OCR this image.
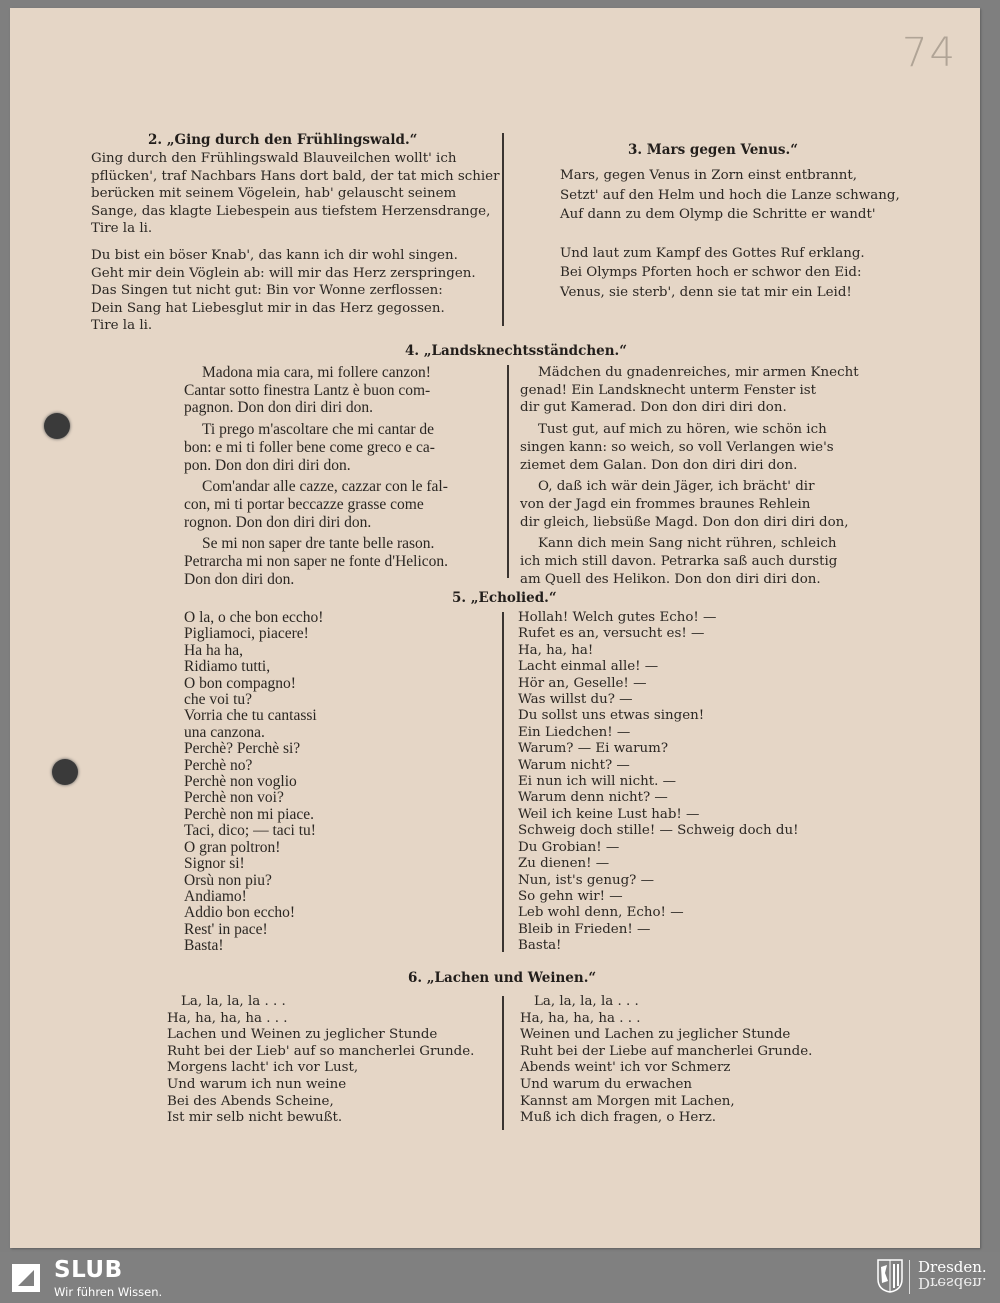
74
2. „Ging durch den Frühlingswald.“
Ging durch den Frühlingswald Blauveilchen wollt' ich
pflücken', traf Nachbars Hans dort bald, der tat mich schier
berücken mit seinem Vögelein, hab' gelauscht seinem
Sange, das klagte Liebespein aus tiefstem Herzensdrange,
Tire la li.
Du bist ein böser Knab', das kann ich dir wohl singen.
Geht mir dein Vöglein ab: will mir das Herz zerspringen.
Das Singen tut nicht gut: Bin vor Wonne zerflossen:
Dein Sang hat Liebesglut mir in das Herz gegossen.
Tire la li.
3. Mars gegen Venus.“
Mars, gegen Venus in Zorn einst entbrannt,
Setzt' auf den Helm und hoch die Lanze schwang,
Auf dann zu dem Olymp die Schritte er wandt'
Und laut zum Kampf des Gottes Ruf erklang.
Bei Olymps Pforten hoch er schwor den Eid:
Venus, sie sterb', denn sie tat mir ein Leid!
4. „Landsknechtsständchen.“
Madona mia cara, mi follere canzon!
Cantar sotto finestra Lantz è buon com-
pagnon. Don don diri diri don.
Ti prego m'ascoltare che mi cantar de
bon: e mi ti foller bene come greco e ca-
pon. Don don diri diri don.
Com'andar alle cazze, cazzar con le fal-
con, mi ti portar beccazze grasse come
rognon. Don don diri diri don.
Se mi non saper dre tante belle rason.
Petrarcha mi non saper ne fonte d'Helicon.
Don don diri don.
Mädchen du gnadenreiches, mir armen Knecht
genad! Ein Landsknecht unterm Fenster ist
dir gut Kamerad. Don don diri diri don.
Tust gut, auf mich zu hören, wie schön ich
singen kann: so weich, so voll Verlangen wie's
ziemet dem Galan. Don don diri diri don.
O, daß ich wär dein Jäger, ich brächt' dir
von der Jagd ein frommes braunes Rehlein
dir gleich, liebsüße Magd. Don don diri diri don,
Kann dich mein Sang nicht rühren, schleich
ich mich still davon. Petrarka saß auch durstig
am Quell des Helikon. Don don diri diri don.
5. „Echolied.“
O la, o che bon eccho!
Pigliamoci, piacere!
Ha ha ha,
Ridiamo tutti,
O bon compagno!
che voi tu?
Vorria che tu cantassi
una canzona.
Perchè? Perchè si?
Perchè no?
Perchè non voglio
Perchè non voi?
Perchè non mi piace.
Taci, dico; — taci tu!
O gran poltron!
Signor si!
Orsù non piu?
Andiamo!
Addio bon eccho!
Rest' in pace!
Basta!
Hollah! Welch gutes Echo! —
Rufet es an, versucht es! —
Ha, ha, ha!
Lacht einmal alle! —
Hör an, Geselle! —
Was willst du? —
Du sollst uns etwas singen!
Ein Liedchen! —
Warum? — Ei warum?
Warum nicht? —
Ei nun ich will nicht. —
Warum denn nicht? —
Weil ich keine Lust hab! —
Schweig doch stille! — Schweig doch du!
Du Grobian! —
Zu dienen! —
Nun, ist's genug? —
So gehn wir! —
Leb wohl denn, Echo! —
Bleib in Frieden! —
Basta!
6. „Lachen und Weinen.“
La, la, la, la . . .
Ha, ha, ha, ha . . .
Lachen und Weinen zu jeglicher Stunde
Ruht bei der Lieb' auf so mancherlei Grunde.
Morgens lacht' ich vor Lust,
Und warum ich nun weine
Bei des Abends Scheine,
Ist mir selb nicht bewußt.
La, la, la, la . . .
Ha, ha, ha, ha . . .
Weinen und Lachen zu jeglicher Stunde
Ruht bei der Liebe auf mancherlei Grunde.
Abends weint' ich vor Schmerz
Und warum du erwachen
Kannst am Morgen mit Lachen,
Muß ich dich fragen, o Herz.
SLUB
Wir führen Wissen.
Dresden.
Dresden.
